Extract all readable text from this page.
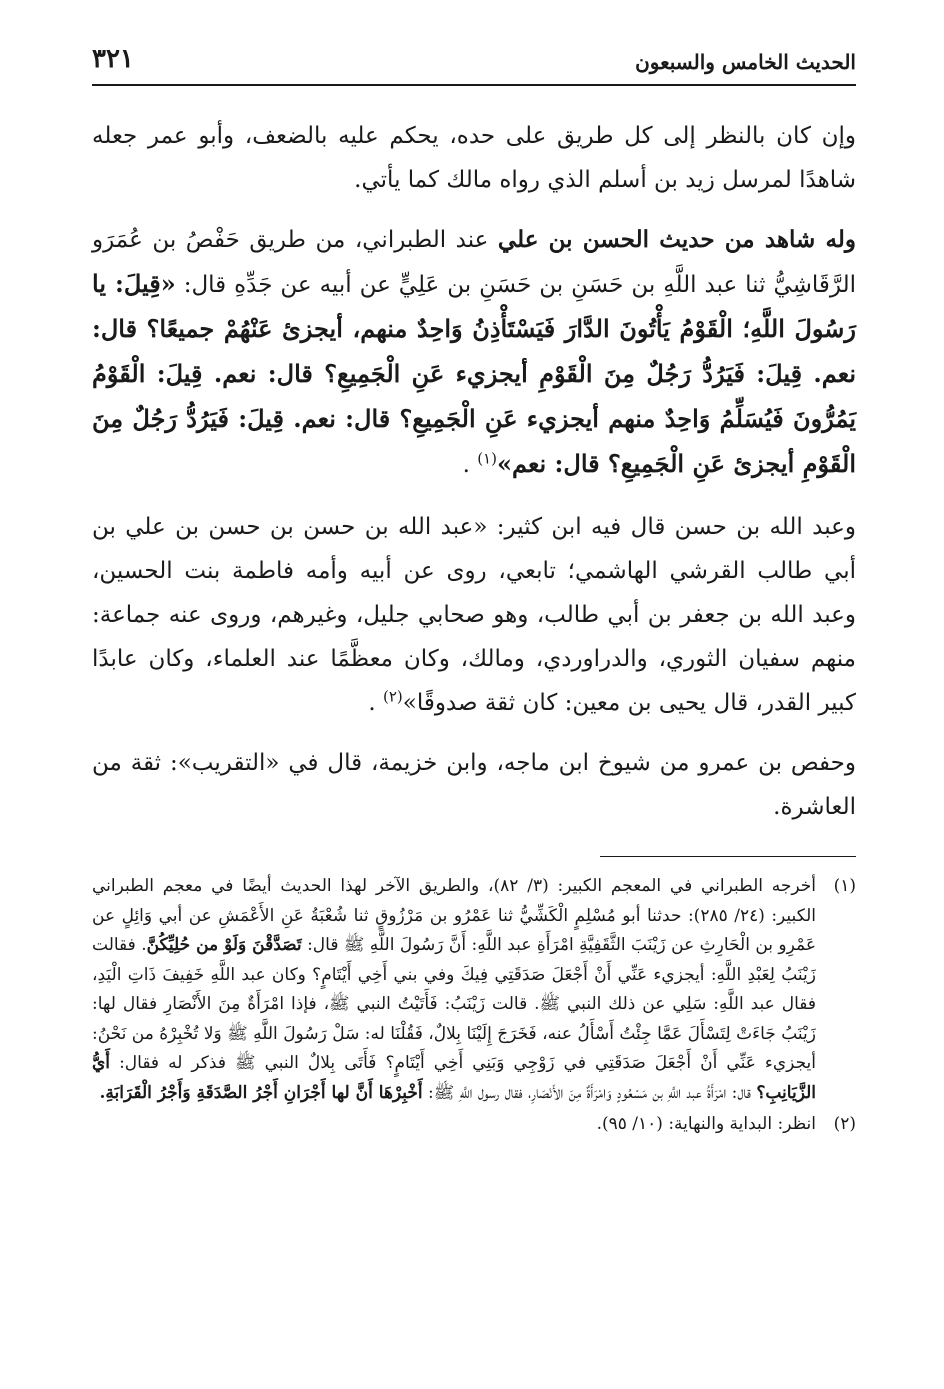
الحديث الخامس والسبعون
٣٢١

وإن كان بالنظر إلى كل طريق على حده، يحكم عليه بالضعف، وأبو عمر جعله شاهدًا لمرسل زيد بن أسلم الذي رواه مالك كما يأتي.

وله شاهد من حديث الحسن بن علي عند الطبراني، من طريق حَفْصُ بن عُمَرَو الرَّقَاشِيُّ ثنا عبد اللَّهِ بن حَسَنِ بن حَسَنِ بن عَلِيٍّ عن أبيه عن جَدِّهِ قال: «قِيلَ: يا رَسُولَ اللَّهِ؛ الْقَوْمُ يَأْتُونَ الدَّارَ فَيَسْتَأْذِنُ وَاحِدٌ منهم، أيجزئ عَنْهُمْ جميعًا؟ قال: نعم. قِيلَ: فَيَرُدُّ رَجُلٌ مِنَ الْقَوْمِ أيجزيء عَنِ الْجَمِيعِ؟ قال: نعم. قِيلَ: الْقَوْمُ يَمُرُّونَ فَيُسَلِّمُ وَاحِدٌ منهم أيجزيء عَنِ الْجَمِيعِ؟ قال: نعم. قِيلَ: فَيَرُدُّ رَجُلٌ مِنَ الْقَوْمِ أيجزئ عَنِ الْجَمِيعِ؟ قال: نعم»$^{(١)}$ .

وعبد الله بن حسن قال فيه ابن كثير: «عبد الله بن حسن بن حسن بن علي بن أبي طالب القرشي الهاشمي؛ تابعي، روى عن أبيه وأمه فاطمة بنت الحسين، وعبد الله بن جعفر بن أبي طالب، وهو صحابي جليل، وغيرهم، وروى عنه جماعة: منهم سفيان الثوري، والدراوردي، ومالك، وكان معظَّمًا عند العلماء، وكان عابدًا كبير القدر، قال يحيى بن معين: كان ثقة صدوقًا»$^{(٢)}$ .

وحفص بن عمرو من شيوخ ابن ماجه، وابن خزيمة، قال في «التقريب»: ثقة من العاشرة.

(١)
أخرجه الطبراني في المعجم الكبير: (٣/ ٨٢)، والطريق الآخر لهذا الحديث أيضًا في معجم الطبراني الكبير: (٢٤/ ٢٨٥): حدثنا أبو مُسْلِمٍ الْكَشِّيُّ ثنا عَمْرُو بن مَرْزُوقٍ ثنا شُعْبَةُ عَنِ الأَعْمَشِ عن أبي وَائِلٍ عن عَمْرِو بن الْحَارِثِ عن زَيْنَبَ الثَّقَفِيَّةِ امْرَأَةِ عبد اللَّهِ: أَنَّ رَسُولَ اللَّهِ ﷺ قال: تَصَدَّقْنَ وَلَوْ من حُلِيِّكُنَّ. فقالت زَيْنَبُ لِعَبْدِ اللَّهِ: أيجزيء عَنِّي أَنْ أَجْعَلَ صَدَقَتِي فِيكَ وفي بني أَخِي أَيْتَامٍ؟ وكان عبد اللَّهِ خَفِيفَ ذَاتِ الْيَدِ، فقال عبد اللَّهِ: سَلِي عن ذلك النبي ﷺ. قالت زَيْنَبُ: فَأَتَيْتُ النبي ﷺ، فإذا امْرَأَةٌ مِنَ الأَنْصَارِ فقال لها: زَيْنَبُ جَاءَتْ لِتَسْأَلَ عَمَّا جِئْتُ أَسْأَلُ عنه، فَخَرَجَ إِلَيْنَا بِلالٌ، فَقُلْنَا له: سَلْ رَسُولَ اللَّهِ ﷺ وَلا تُخْبِرْهُ من نَحْنُ: أيجزيء عَنِّي أَنْ أَجْعَلَ صَدَقَتِي في زَوْجِي وَبَنِي أَخِي أَيْتَامٍ؟ فَأَتَى بِلالٌ النبي ﷺ فذكر له فقال: أَيُّ الزَّيَانِبِ؟ قال: امْرَأَةُ عبد اللَّهِ بن مَسْعُودٍ وَامْرَأَةٌ مِنَ الأَنْصَارِ، فقال رسول اللَّهِ ﷺ: أَخْبِرْهَا أَنَّ لها أَجْرَانِ أَجْرُ الصَّدَقَةِ وَأَجْرُ الْقَرَابَةِ.
(٢)
انظر: البداية والنهاية: (١٠/ ٩٥).
